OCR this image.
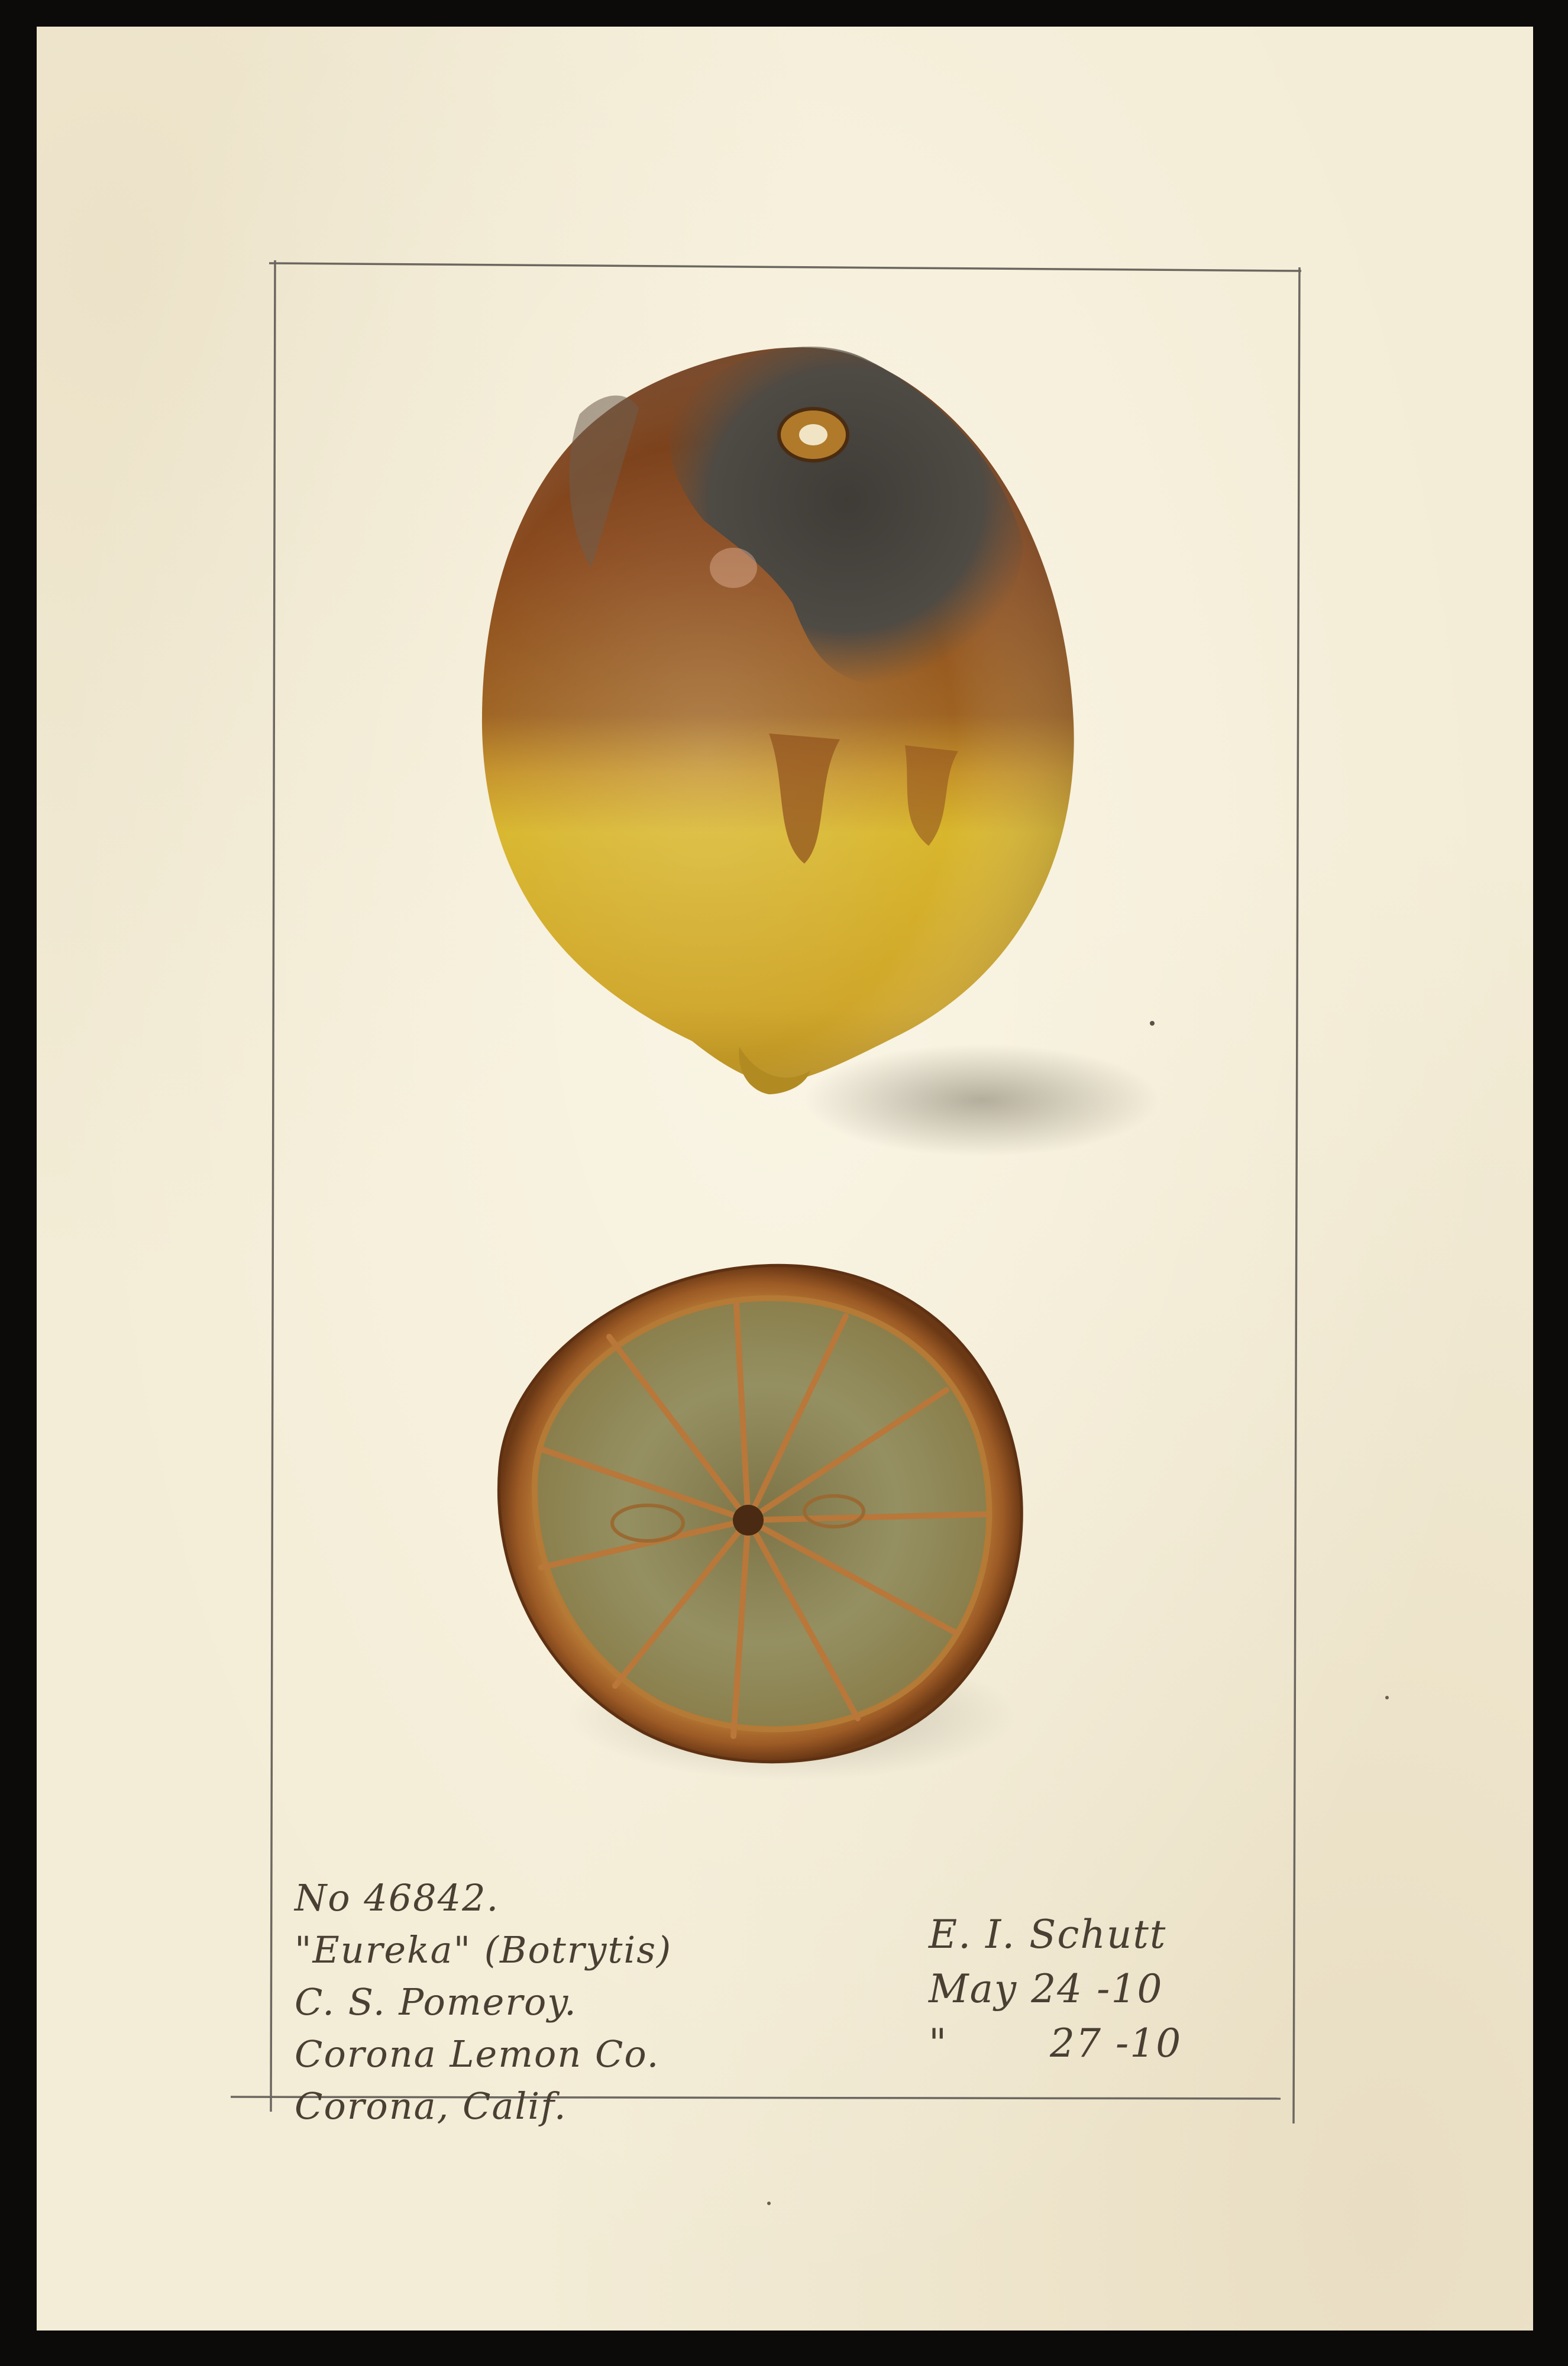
No 46842.
"Eureka" (Botrytis)
C. S. Pomeroy.
Corona Lemon Co.
Corona, Calif.
E. I. Schutt
May 24 -10
"	27 -10
